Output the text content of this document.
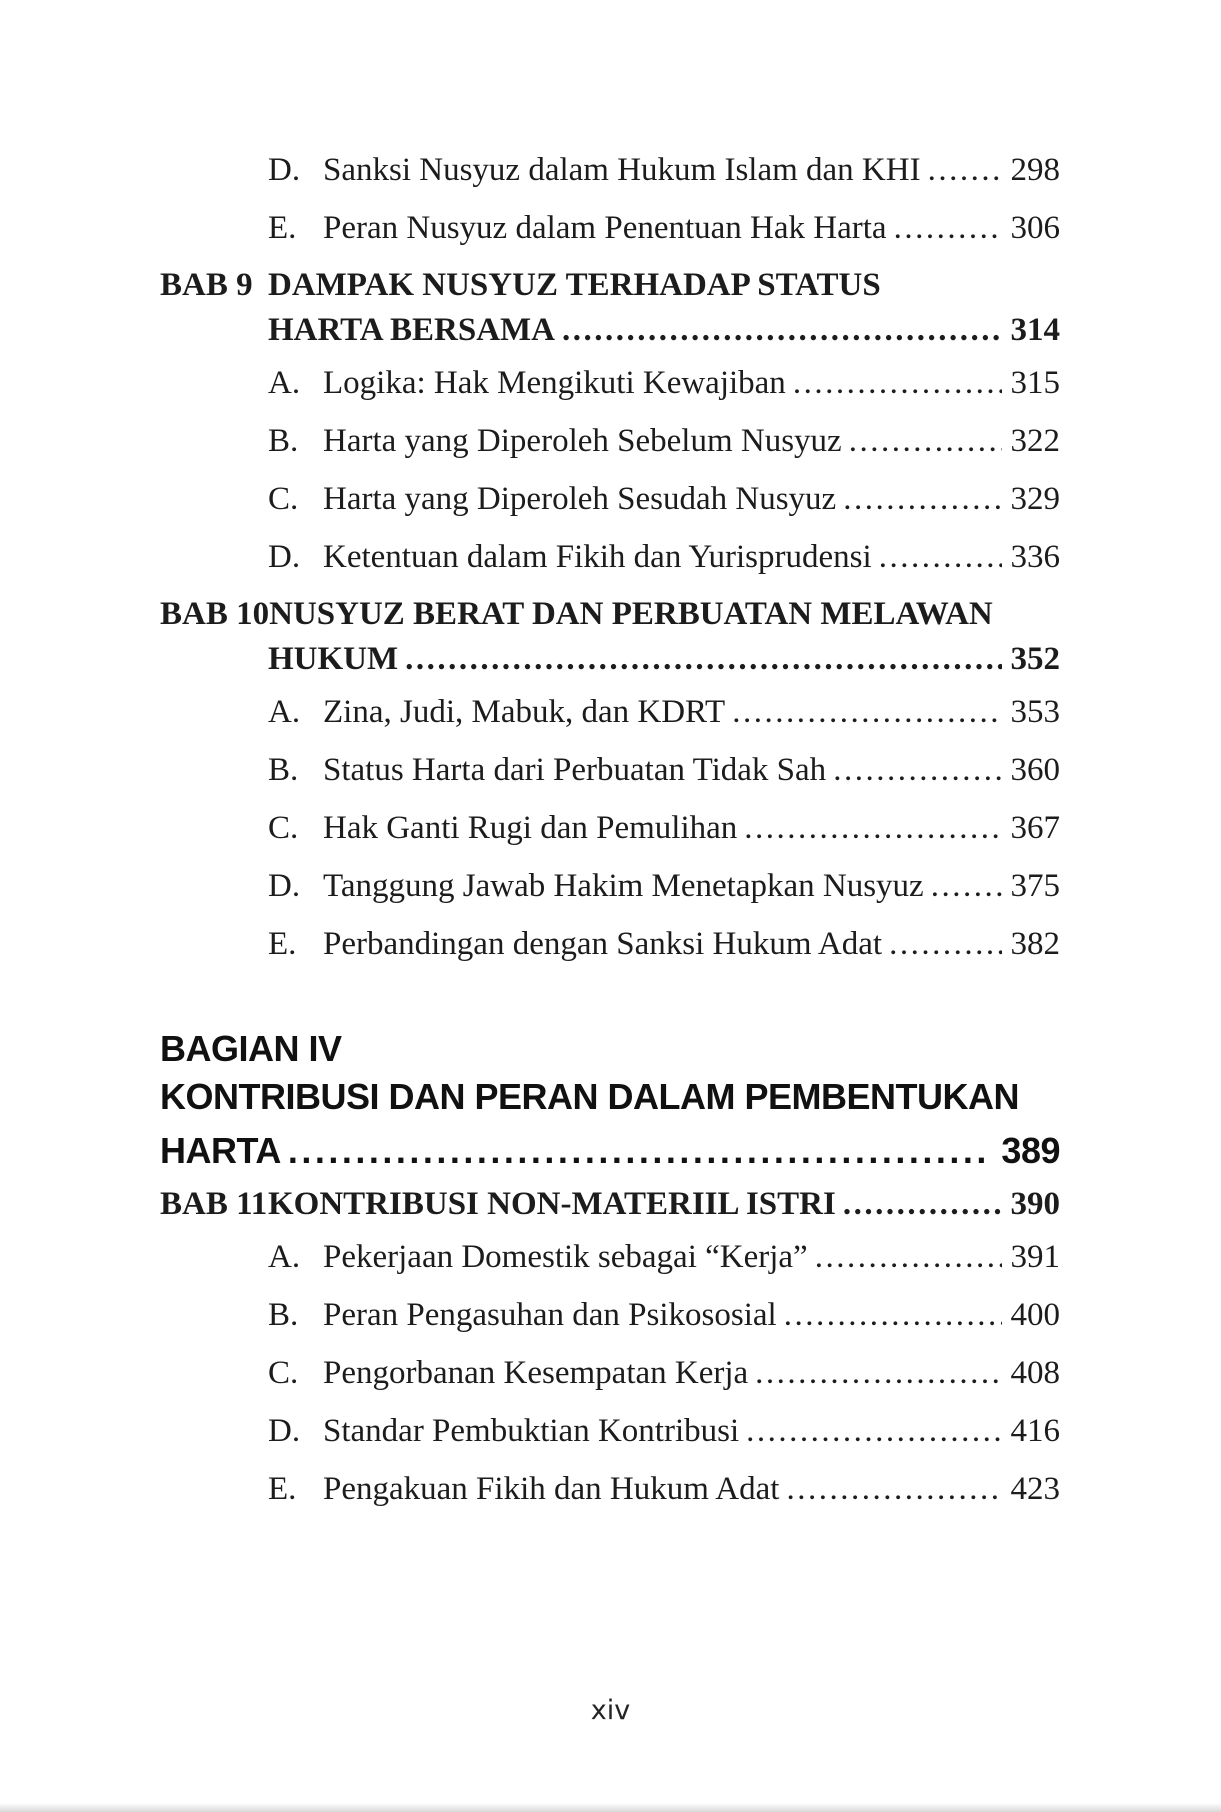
D. Sanksi Nusyuz dalam Hukum Islam dan KHI .....	298
E. Peran Nusyuz dalam Penentuan Hak Harta .....	306
BAB 9 DAMPAK NUSYUZ TERHADAP STATUS
HARTA BERSAMA .....	314
A. Logika: Hak Mengikuti Kewajiban .....	315
B. Harta yang Diperoleh Sebelum Nusyuz .....	322
C. Harta yang Diperoleh Sesudah Nusyuz .....	329
D. Ketentuan dalam Fikih dan Yurisprudensi .....	336
BAB 10 NUSYUZ BERAT DAN PERBUATAN MELAWAN
HUKUM .....	352
A. Zina, Judi, Mabuk, dan KDRT .....	353
B. Status Harta dari Perbuatan Tidak Sah .....	360
C. Hak Ganti Rugi dan Pemulihan .....	367
D. Tanggung Jawab Hakim Menetapkan Nusyuz .....	375
E. Perbandingan dengan Sanksi Hukum Adat .....	382
BAGIAN IV
KONTRIBUSI DAN PERAN DALAM PEMBENTUKAN
HARTA .....	389
BAB 11 KONTRIBUSI NON-MATERIIL ISTRI .....	390
A. Pekerjaan Domestik sebagai “Kerja” .....	391
B. Peran Pengasuhan dan Psikososial .....	400
C. Pengorbanan Kesempatan Kerja .....	408
D. Standar Pembuktian Kontribusi .....	416
E. Pengakuan Fikih dan Hukum Adat .....	423
xiv
